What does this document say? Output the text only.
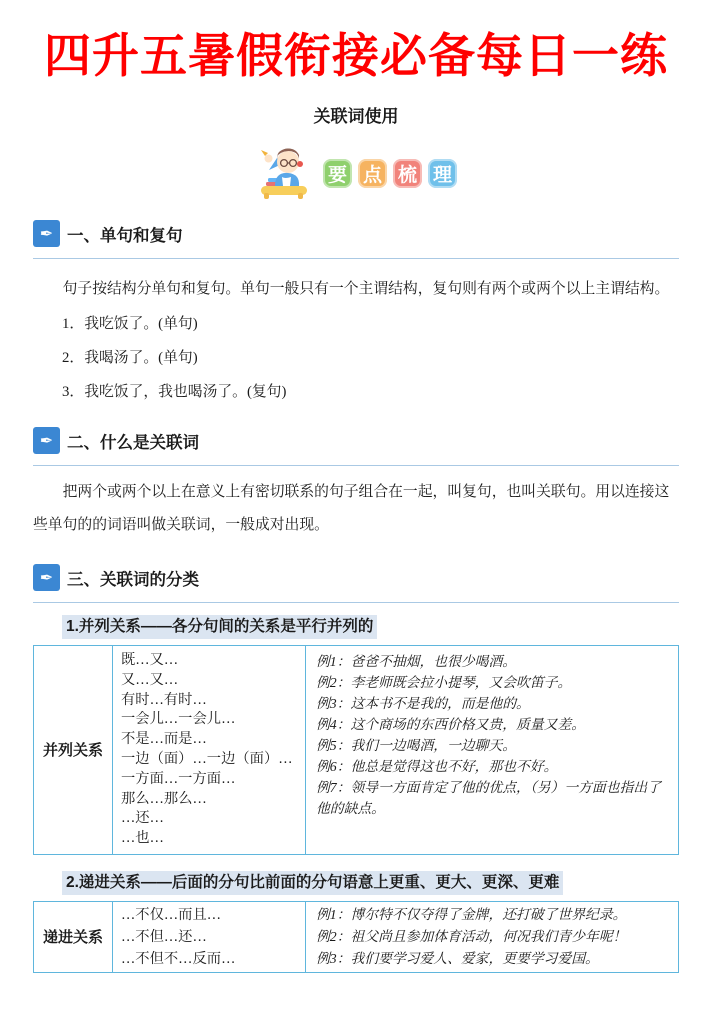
四升五暑假衔接必备每日一练
关联词使用
要 点 梳 理
✒ 一、单句和复句

句子按结构分单句和复句。单句一般只有一个主谓结构，复句则有两个或两个以上主谓结构。

1．我吃饭了。(单句)
2．我喝汤了。(单句)
3．我吃饭了，我也喝汤了。(复句)
✒ 二、什么是关联词

把两个或两个以上在意义上有密切联系的句子组合在一起，叫复句，也叫关联句。用以连接这些单句的的词语叫做关联词，一般成对出现。

✒ 三、关联词的分类
1.并列关系——各分句间的关系是平行并列的
并列关系	
既…又…
又…又…
有时…有时…
一会儿…一会儿…
不是…而是…
一边（面）…一边（面）…
一方面…一方面…
那么…那么…
…还…
…也…

例1：爸爸不抽烟，也很少喝酒。
例2：李老师既会拉小提琴，又会吹笛子。
例3：这本书不是我的，而是他的。
例4：这个商场的东西价格又贵，质量又差。
例5：我们一边喝酒，一边聊天。
例6：他总是觉得这也不好，那也不好。
例7：领导一方面肯定了他的优点，（另）一方面也指出了他的缺点。
2.递进关系——后面的分句比前面的分句语意上更重、更大、更深、更难
递进关系	
…不仅…而且…
…不但…还…
…不但不…反而…

例1：博尔特不仅夺得了金牌，还打破了世界纪录。
例2：祖父尚且参加体育活动，何况我们青少年呢！
例3：我们要学习爱人、爱家，更要学习爱国。
